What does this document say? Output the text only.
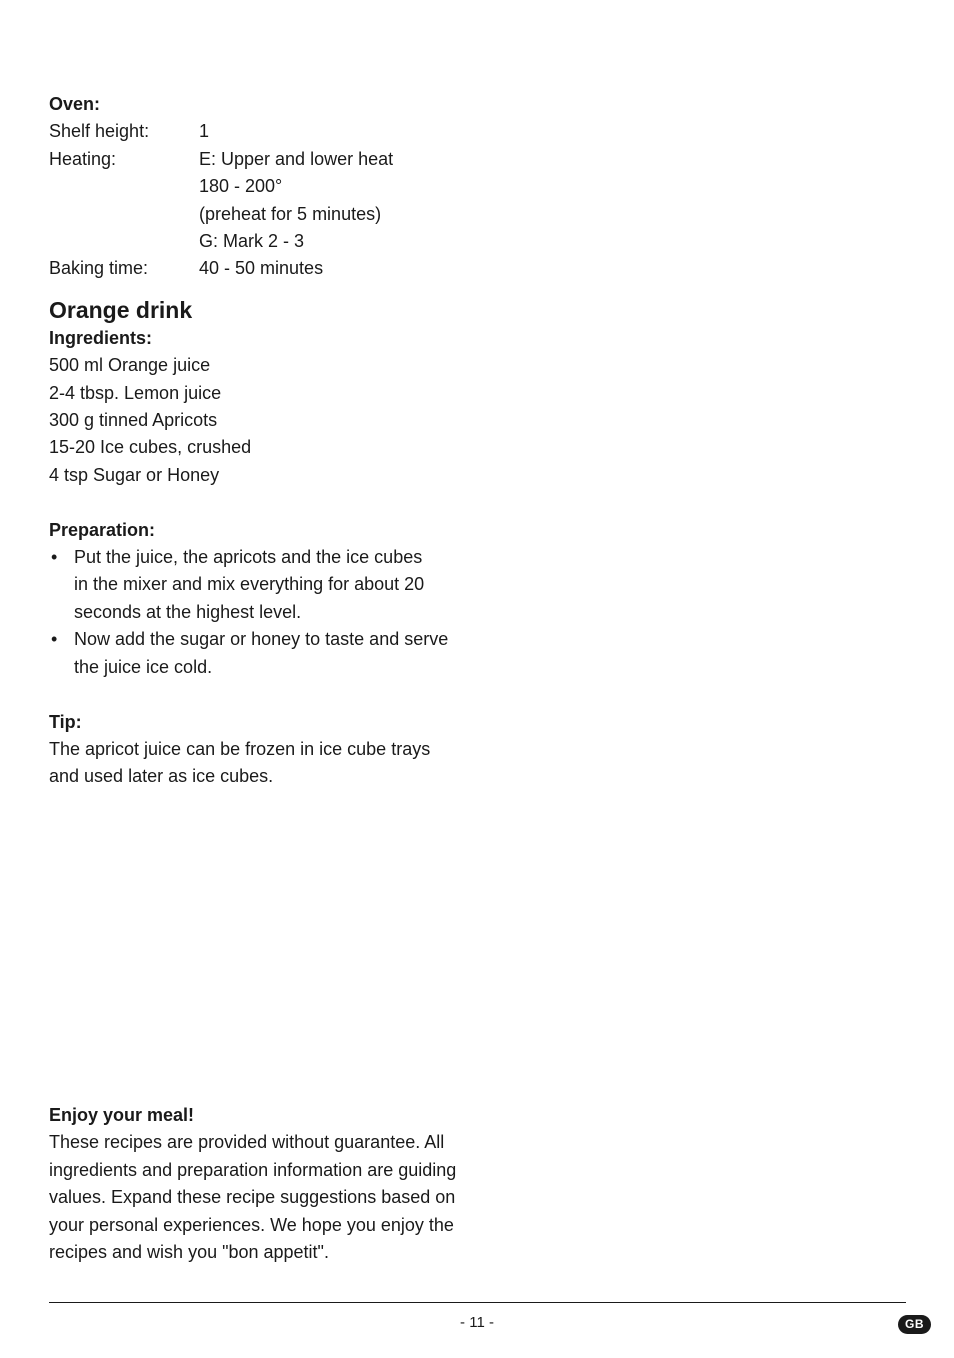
Oven:
Shelf height:	1
Heating:	E: Upper and lower heat
180 - 200°
(preheat for 5 minutes)
G: Mark 2 - 3
Baking time:	40 - 50 minutes
Orange drink
Ingredients:
500 ml Orange juice
2-4 tbsp. Lemon juice
300 g tinned Apricots
15-20 Ice cubes, crushed
4 tsp Sugar or Honey
Preparation:
• Put the juice, the apricots and the ice cubes
in the mixer and mix everything for about 20
seconds at the highest level.
• Now add the sugar or honey to taste and serve
the juice ice cold.
Tip:
The apricot juice can be frozen in ice cube trays
and used later as ice cubes.
Enjoy your meal!
These recipes are provided without guarantee. All
ingredients and preparation information are guiding
values. Expand these recipe suggestions based on
your personal experiences. We hope you enjoy the
recipes and wish you "bon appetit".
- 11 -	GB
